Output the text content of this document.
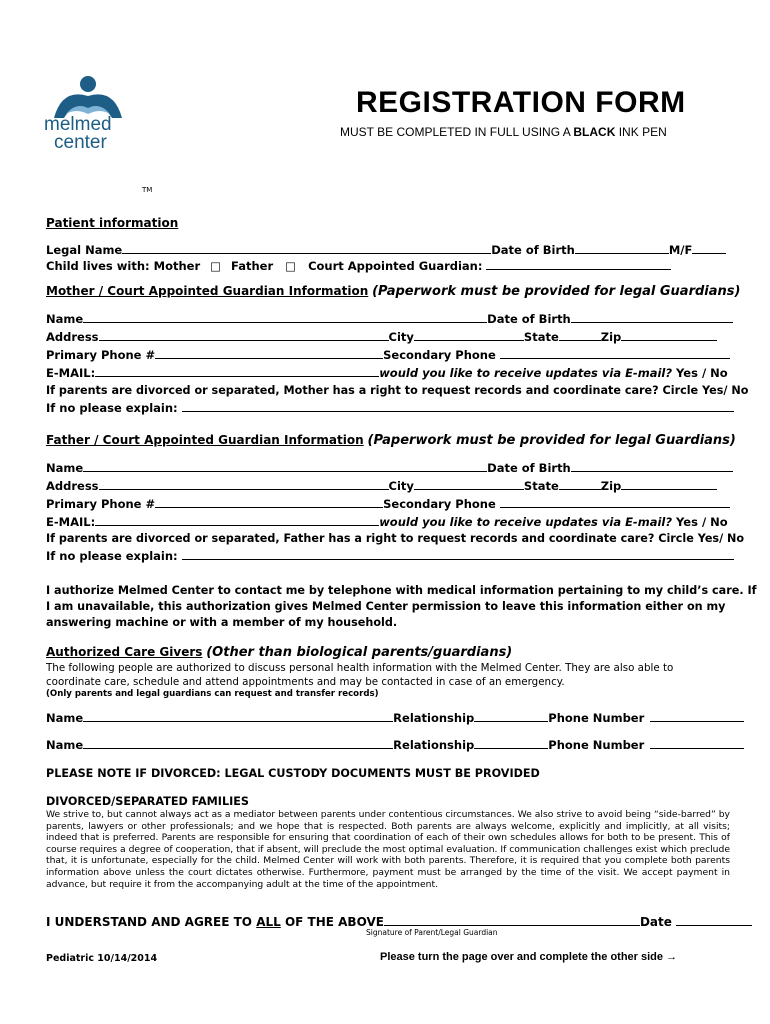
melmed
center
TM
REGISTRATION FORM
MUST BE COMPLETED IN FULL USING A BLACK INK PEN
Patient information
Legal Name	Date of Birth	M/F
Child lives with: Mother □ Father □ Court Appointed Guardian:
Mother / Court Appointed Guardian Information (Paperwork must be provided for legal Guardians)
Name	Date of Birth
Address	City	State	Zip
Primary Phone #	Secondary Phone
E-MAIL:	would you like to receive updates via E-mail? Yes / No
If parents are divorced or separated, Mother has a right to request records and coordinate care? Circle Yes/ No
If no please explain:
Father / Court Appointed Guardian Information (Paperwork must be provided for legal Guardians)
Name	Date of Birth
Address	City	State	Zip
Primary Phone #	Secondary Phone
E-MAIL:	would you like to receive updates via E-mail? Yes / No
If parents are divorced or separated, Father has a right to request records and coordinate care? Circle Yes/ No
If no please explain:
I authorize Melmed Center to contact me by telephone with medical information pertaining to my child’s care. If
I am unavailable, this authorization gives Melmed Center permission to leave this information either on my
answering machine or with a member of my household.
Authorized Care Givers (Other than biological parents/guardians)
The following people are authorized to discuss personal health information with the Melmed Center. They are also able to
coordinate care, schedule and attend appointments and may be contacted in case of an emergency.
(Only parents and legal guardians can request and transfer records)
Name	Relationship	Phone Number
Name	Relationship	Phone Number
PLEASE NOTE IF DIVORCED: LEGAL CUSTODY DOCUMENTS MUST BE PROVIDED
DIVORCED/SEPARATED FAMILIES
We strive to, but cannot always act as a mediator between parents under contentious circumstances. We also strive to avoid being “side-barred” by parents, lawyers or other professionals; and we hope that is respected. Both parents are always welcome, explicitly and implicitly, at all visits; indeed that is preferred. Parents are responsible for ensuring that coordination of each of their own schedules allows for both to be present. This of course requires a degree of cooperation, that if absent, will preclude the most optimal evaluation. If communication challenges exist which preclude that, it is unfortunate, especially for the child. Melmed Center will work with both parents. Therefore, it is required that you complete both parents information above unless the court dictates otherwise. Furthermore, payment must be arranged by the time of the visit. We accept payment in advance, but require it from the accompanying adult at the time of the appointment.
I UNDERSTAND AND AGREE TO ALL OF THE ABOVE	Date
Signature of Parent/Legal Guardian
Pediatric 10/14/2014	Please turn the page over and complete the other side →
